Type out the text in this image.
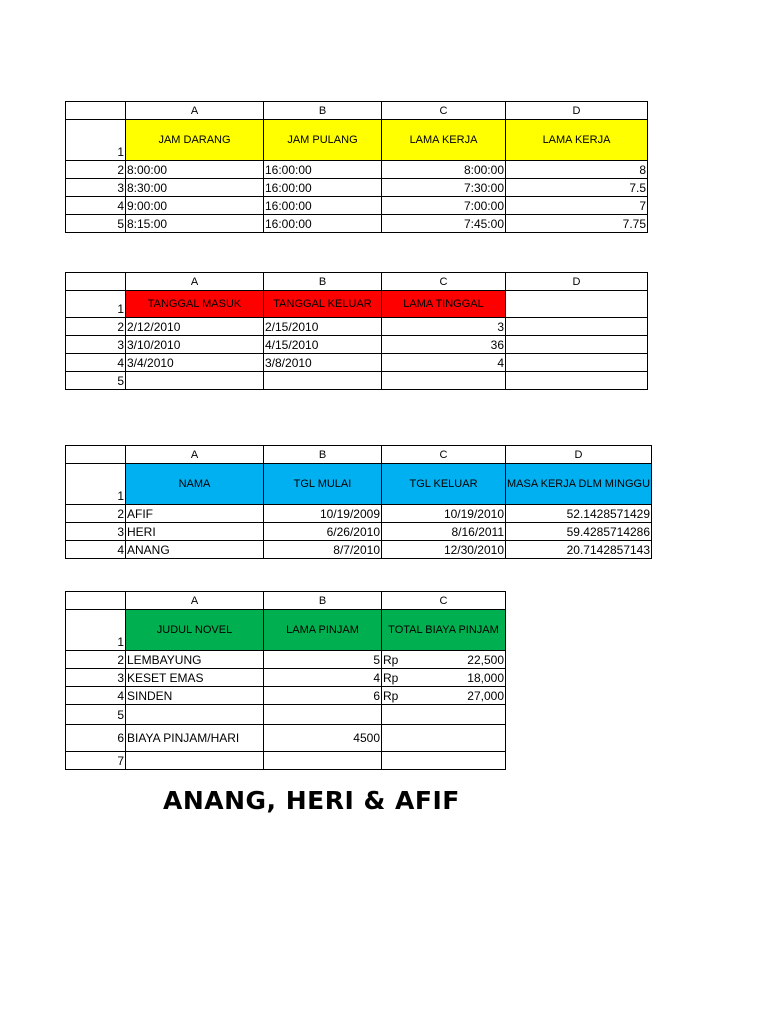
	A	B	C	D
1	JAM DARANG	JAM PULANG	LAMA KERJA	LAMA KERJA
2	8:00:00	16:00:00	8:00:00	8
3	8:30:00	16:00:00	7:30:00	7.5
4	9:00:00	16:00:00	7:00:00	7
5	8:15:00	16:00:00	7:45:00	7.75
	A	B	C	D
1	TANGGAL MASUK	TANGGAL KELUAR	LAMA TINGGAL	
2	2/12/2010	2/15/2010	3	
3	3/10/2010	4/15/2010	36	
4	3/4/2010	3/8/2010	4	
5				
	A	B	C	D
1	NAMA	TGL MULAI	TGL KELUAR	MASA KERJA DLM MINGGU
2	AFIF	10/19/2009	10/19/2010	52.1428571429
3	HERI	6/26/2010	8/16/2011	59.4285714286
4	ANANG	8/7/2010	12/30/2010	20.7142857143
	A	B	C
1	JUDUL NOVEL	LAMA PINJAM	TOTAL BIAYA PINJAM
2	LEMBAYUNG	5	Rp 22,500

3	KESET EMAS	4	Rp 18,000

4	SINDEN	6	Rp 27,000

5			
6	BIAYA PINJAM/HARI	4500	
7			
ANANG, HERI & AFIF
